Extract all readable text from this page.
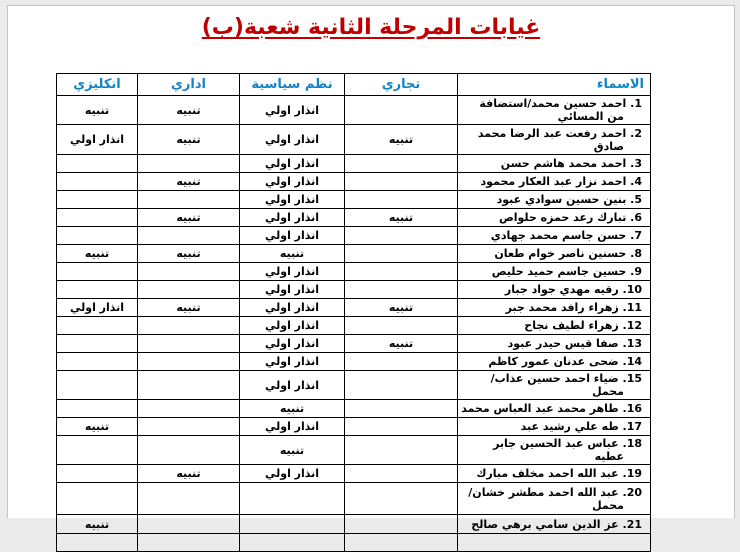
غيابات المرحلة الثانية شعبة(ب)
الاسماء	تجاري	نظم سياسية	اداري	انكليزي
1. احمد حسين محمد/استضافة من المسائي		انذار اولي	تنبيه	تنبيه
2. احمد رفعت عبد الرضا محمد صادق	تنبيه	انذار اولي	تنبيه	انذار اولي
3. احمد محمد هاشم حسن		انذار اولي		
4. احمد نزار عبد العكار محمود		انذار اولي	تنبيه	
5. بنين حسين سوادي عبود		انذار اولي		
6. تبارك رعد حمزه حلواص	تنبيه	انذار اولي	تنبيه	
7. حسن جاسم محمد جهادي		انذار اولي		
8. حسنين ناصر خوام طعان		تنبيه	تنبيه	تنبيه
9. حسين جاسم حميد حليص		انذار اولي		
10. رقيه مهدي جواد جبار		انذار اولي		
11. زهراء رافد محمد جبر	تنبيه	انذار اولي	تنبيه	انذار اولي
12. زهراء لطيف نجاح		انذار اولي		
13. صفا قيس حيدر عبود	تنبيه	انذار اولي		
14. ضحى عدنان عمور كاظم		انذار اولي		
15. ضياء احمد حسين عذاب/ محمل		انذار اولي		
16. طاهر محمد عبد العباس محمد		تنبيه		
17. طه علي رشيد عبد		انذار اولي		تنبيه
18. عباس عبد الحسين جابر عطيه		تنبيه		
19. عبد الله احمد مخلف مبارك		انذار اولي	تنبيه	
20. عبد الله احمد مطشر خشان/ محمل				
21. عز الدين سامي برهي صالح				تنبيه
